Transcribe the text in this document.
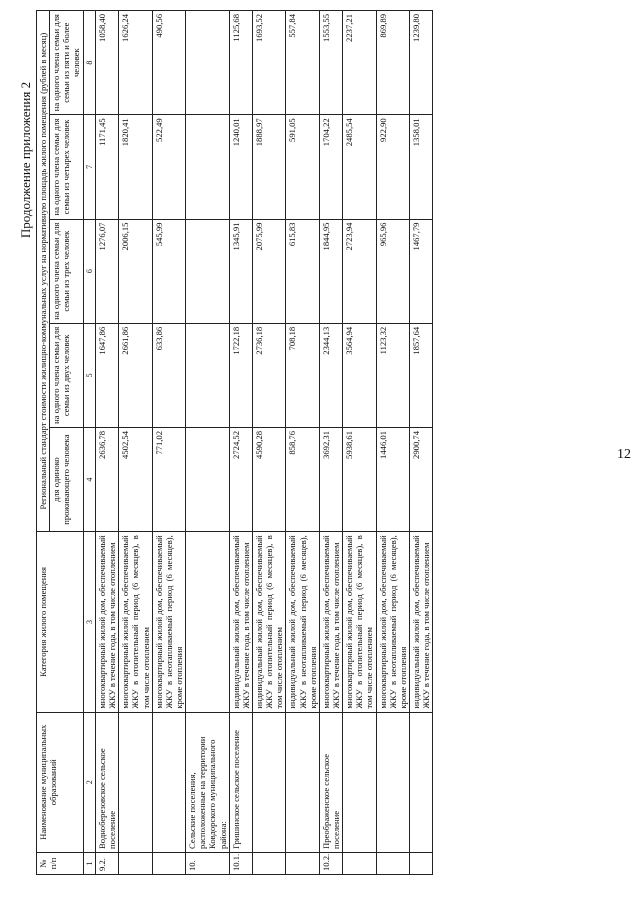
12
Продолжение приложения 2
№ п/п	Наименование муниципальных образований	Категория жилого помещения	Региональный стандарт стоимости жилищно-коммунальных услуг на нормативную площадь жилого помещения (рублей в месяц)				
			для одиноко проживающего человека	на одного члена семьи для семьи из двух человек	на одного члена семьи для семьи из трех человек	на одного члена семьи для семьи из четырех человек	на одного члена семьи для семьи из пяти и более человек
1	2	3	4	5	6	7	8
9.2.	Водноберезовское сельское поселение	многоквартирный жилой дом, обеспечиваемый ЖКУ в течение года, в том числе отоплением	2636,78	1647,86	1276,07	1171,45	1058,40
		многоквартирный жилой дом, обеспечиваемый ЖКУ в отопительный период (6 месяцев), в том числе отоплением	4502,54	2661,86	2006,15	1820,41	1626,24
		многоквартирный жилой дом, обеспечиваемый ЖКУ в неотапливаемый период (6 месяцев), кроме отопления	771,02	633,86	545,99	522,49	490,56
10.	Сельские поселения, расположенные на территории Ковдорского муниципального района:						
10.1.	Гришинское сельское поселение	индивидуальный жилой дом, обеспечиваемый ЖКУ в течение года, в том числе отоплением	2724,52	1722,18	1345,91	1240,01	1125,68
		индивидуальный жилой дом, обеспечиваемый ЖКУ в отопительный период (6 месяцев), в том числе отоплением	4590,28	2736,18	2075,99	1888,97	1693,52
		индивидуальный жилой дом, обеспечиваемый ЖКУ в неотапливаемый период (6 месяцев), кроме отопления	858,76	708,18	615,83	591,05	557,84
10.2.	Преображенское сельское поселение	многоквартирный жилой дом, обеспечиваемый ЖКУ в течение года, в том числе отоплением	3692,31	2344,13	1844,95	1704,22	1553,55
		многоквартирный жилой дом, обеспечиваемый ЖКУ в отопительный период (6 месяцев), в том числе отоплением	5938,61	3564,94	2723,94	2485,54	2237,21
		многоквартирный жилой дом, обеспечиваемый ЖКУ в неотапливаемый период (6 месяцев), кроме отопления	1446,01	1123,32	965,96	922,90	869,89
		индивидуальный жилой дом, обеспечиваемый ЖКУ в течение года, в том числе отоплением	2900,74	1857,64	1467,79	1358,01	1239,80
